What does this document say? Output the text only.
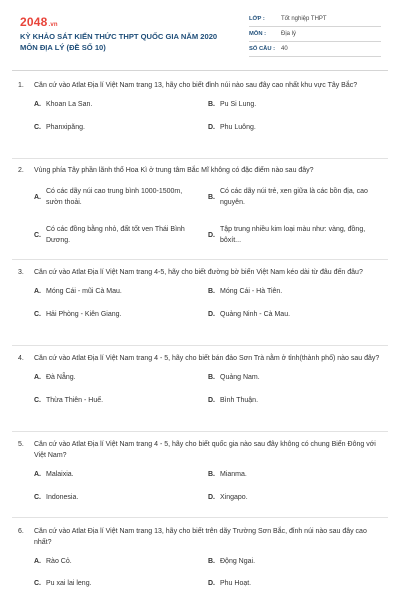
2048.vn
KỲ KHẢO SÁT KIẾN THỨC THPT QUỐC GIA NĂM 2020
MÔN ĐỊA LÝ (ĐỀ SỐ 10)
LỚP :	Tốt nghiệp THPT
MÔN :	Địa lý
SỐ CÂU : 40
1.	Căn cứ vào Atlat Địa lí Việt Nam trang 13, hãy cho biết đỉnh núi nào sau đây cao nhất khu vực Tây Bắc?
A. Khoan La San.	B. Pu Si Lung.
C. Phanxipăng.	D. Phu Luông.
2.	Vùng phía Tây phần lãnh thổ Hoa Kì ở trung tâm Bắc Mĩ không có đặc điểm nào sau đây?
A.
Có các dãy núi cao trung bình 1000-1500m, sườn thoải.
B.
Có các dãy núi trẻ, xen giữa là các bồn địa, cao nguyên.
C.
Có các đồng bằng nhỏ, đất tốt ven Thái Bình Dương.
D.
Tập trung nhiều kim loại màu như: vàng, đồng, bôxít...
3.	Căn cứ vào Atlat Địa lí Việt Nam trang 4-5, hãy cho biết đường bờ biển Việt Nam kéo dài từ đâu đến đâu?
A. Móng Cái - mũi Cà Mau.	B. Móng Cái - Hà Tiên.
C. Hải Phòng - Kiên Giang.	D. Quảng Ninh - Cà Mau.
4.	Căn cứ vào Atlat Địa lí Việt Nam trang 4 - 5, hãy cho biết bán đảo Sơn Trà nằm ở tỉnh(thành phố) nào sau đây?
A. Đà Nẵng.	B. Quảng Nam.
C. Thừa Thiên - Huế.	D. Bình Thuận.
5.	Căn cứ vào Atlat Địa lí Việt Nam trang 4 - 5, hãy cho biết quốc gia nào sau đây không có chung Biển Đông với Việt Nam?
A. Malaixia.	B. Mianma.
C. Indonesia.	D. Xingapo.
6.	Căn cứ vào Atlat Địa lí Việt Nam trang 13, hãy cho biết trên dãy Trường Sơn Bắc, đỉnh núi nào sau đây cao nhất?
A. Rào Cỏ.	B. Động Ngai.
C. Pu xai lai leng.	D. Phu Hoạt.
